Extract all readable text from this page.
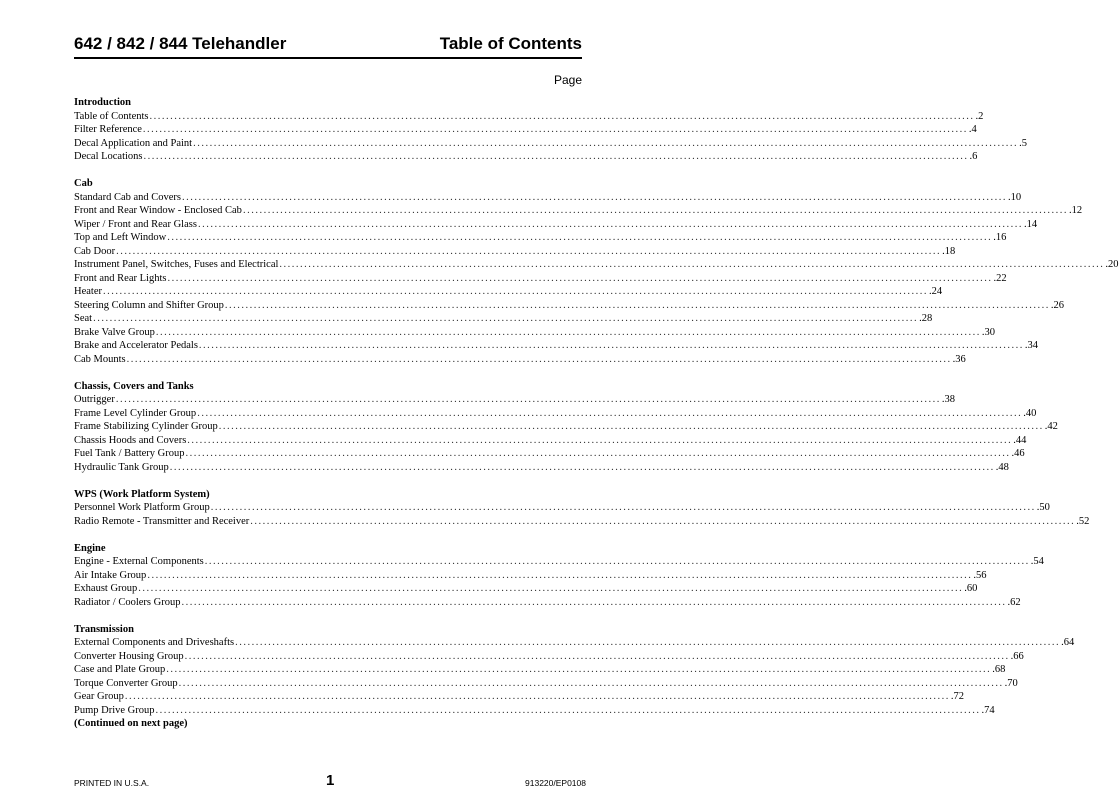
642 / 842 / 844 Telehandler	Table of Contents
Page
Introduction
Table of Contents ........................................................................................................................................................................................................ .2
Filter Reference ........................................................................................................................................................................................................ .4
Decal Application and Paint ........................................................................................................................................................................................................ .5
Decal Locations ........................................................................................................................................................................................................ .6
Cab
Standard Cab and Covers ........................................................................................................................................................................................................ .10
Front and Rear Window - Enclosed Cab ........................................................................................................................................................................................................ .12
Wiper / Front and Rear Glass ........................................................................................................................................................................................................ .14
Top and Left Window ........................................................................................................................................................................................................ .16
Cab Door ........................................................................................................................................................................................................ .18
Instrument Panel, Switches, Fuses and Electrical ........................................................................................................................................................................................................ .20
Front and Rear Lights ........................................................................................................................................................................................................ .22
Heater ........................................................................................................................................................................................................ .24
Steering Column and Shifter Group ........................................................................................................................................................................................................ .26
Seat ........................................................................................................................................................................................................ .28
Brake Valve Group ........................................................................................................................................................................................................ .30
Brake and Accelerator Pedals ........................................................................................................................................................................................................ .34
Cab Mounts ........................................................................................................................................................................................................ .36
Chassis, Covers and Tanks
Outrigger ........................................................................................................................................................................................................ .38
Frame Level Cylinder Group ........................................................................................................................................................................................................ .40
Frame Stabilizing Cylinder Group ........................................................................................................................................................................................................ .42
Chassis Hoods and Covers ........................................................................................................................................................................................................ .44
Fuel Tank / Battery Group ........................................................................................................................................................................................................ .46
Hydraulic Tank Group ........................................................................................................................................................................................................ .48
WPS (Work Platform System)
Personnel Work Platform Group ........................................................................................................................................................................................................ .50
Radio Remote - Transmitter and Receiver ........................................................................................................................................................................................................ .52
Engine
Engine - External Components ........................................................................................................................................................................................................ .54
Air Intake Group ........................................................................................................................................................................................................ .56
Exhaust Group ........................................................................................................................................................................................................ .60
Radiator / Coolers Group ........................................................................................................................................................................................................ .62
Transmission
External Components and Driveshafts ........................................................................................................................................................................................................ .64
Converter Housing Group ........................................................................................................................................................................................................ .66
Case and Plate Group ........................................................................................................................................................................................................ .68
Torque Converter Group ........................................................................................................................................................................................................ .70
Gear Group ........................................................................................................................................................................................................ .72
Pump Drive Group ........................................................................................................................................................................................................ .74
(Continued on next page)
PRINTED IN U.S.A.	1	913220/EP0108
